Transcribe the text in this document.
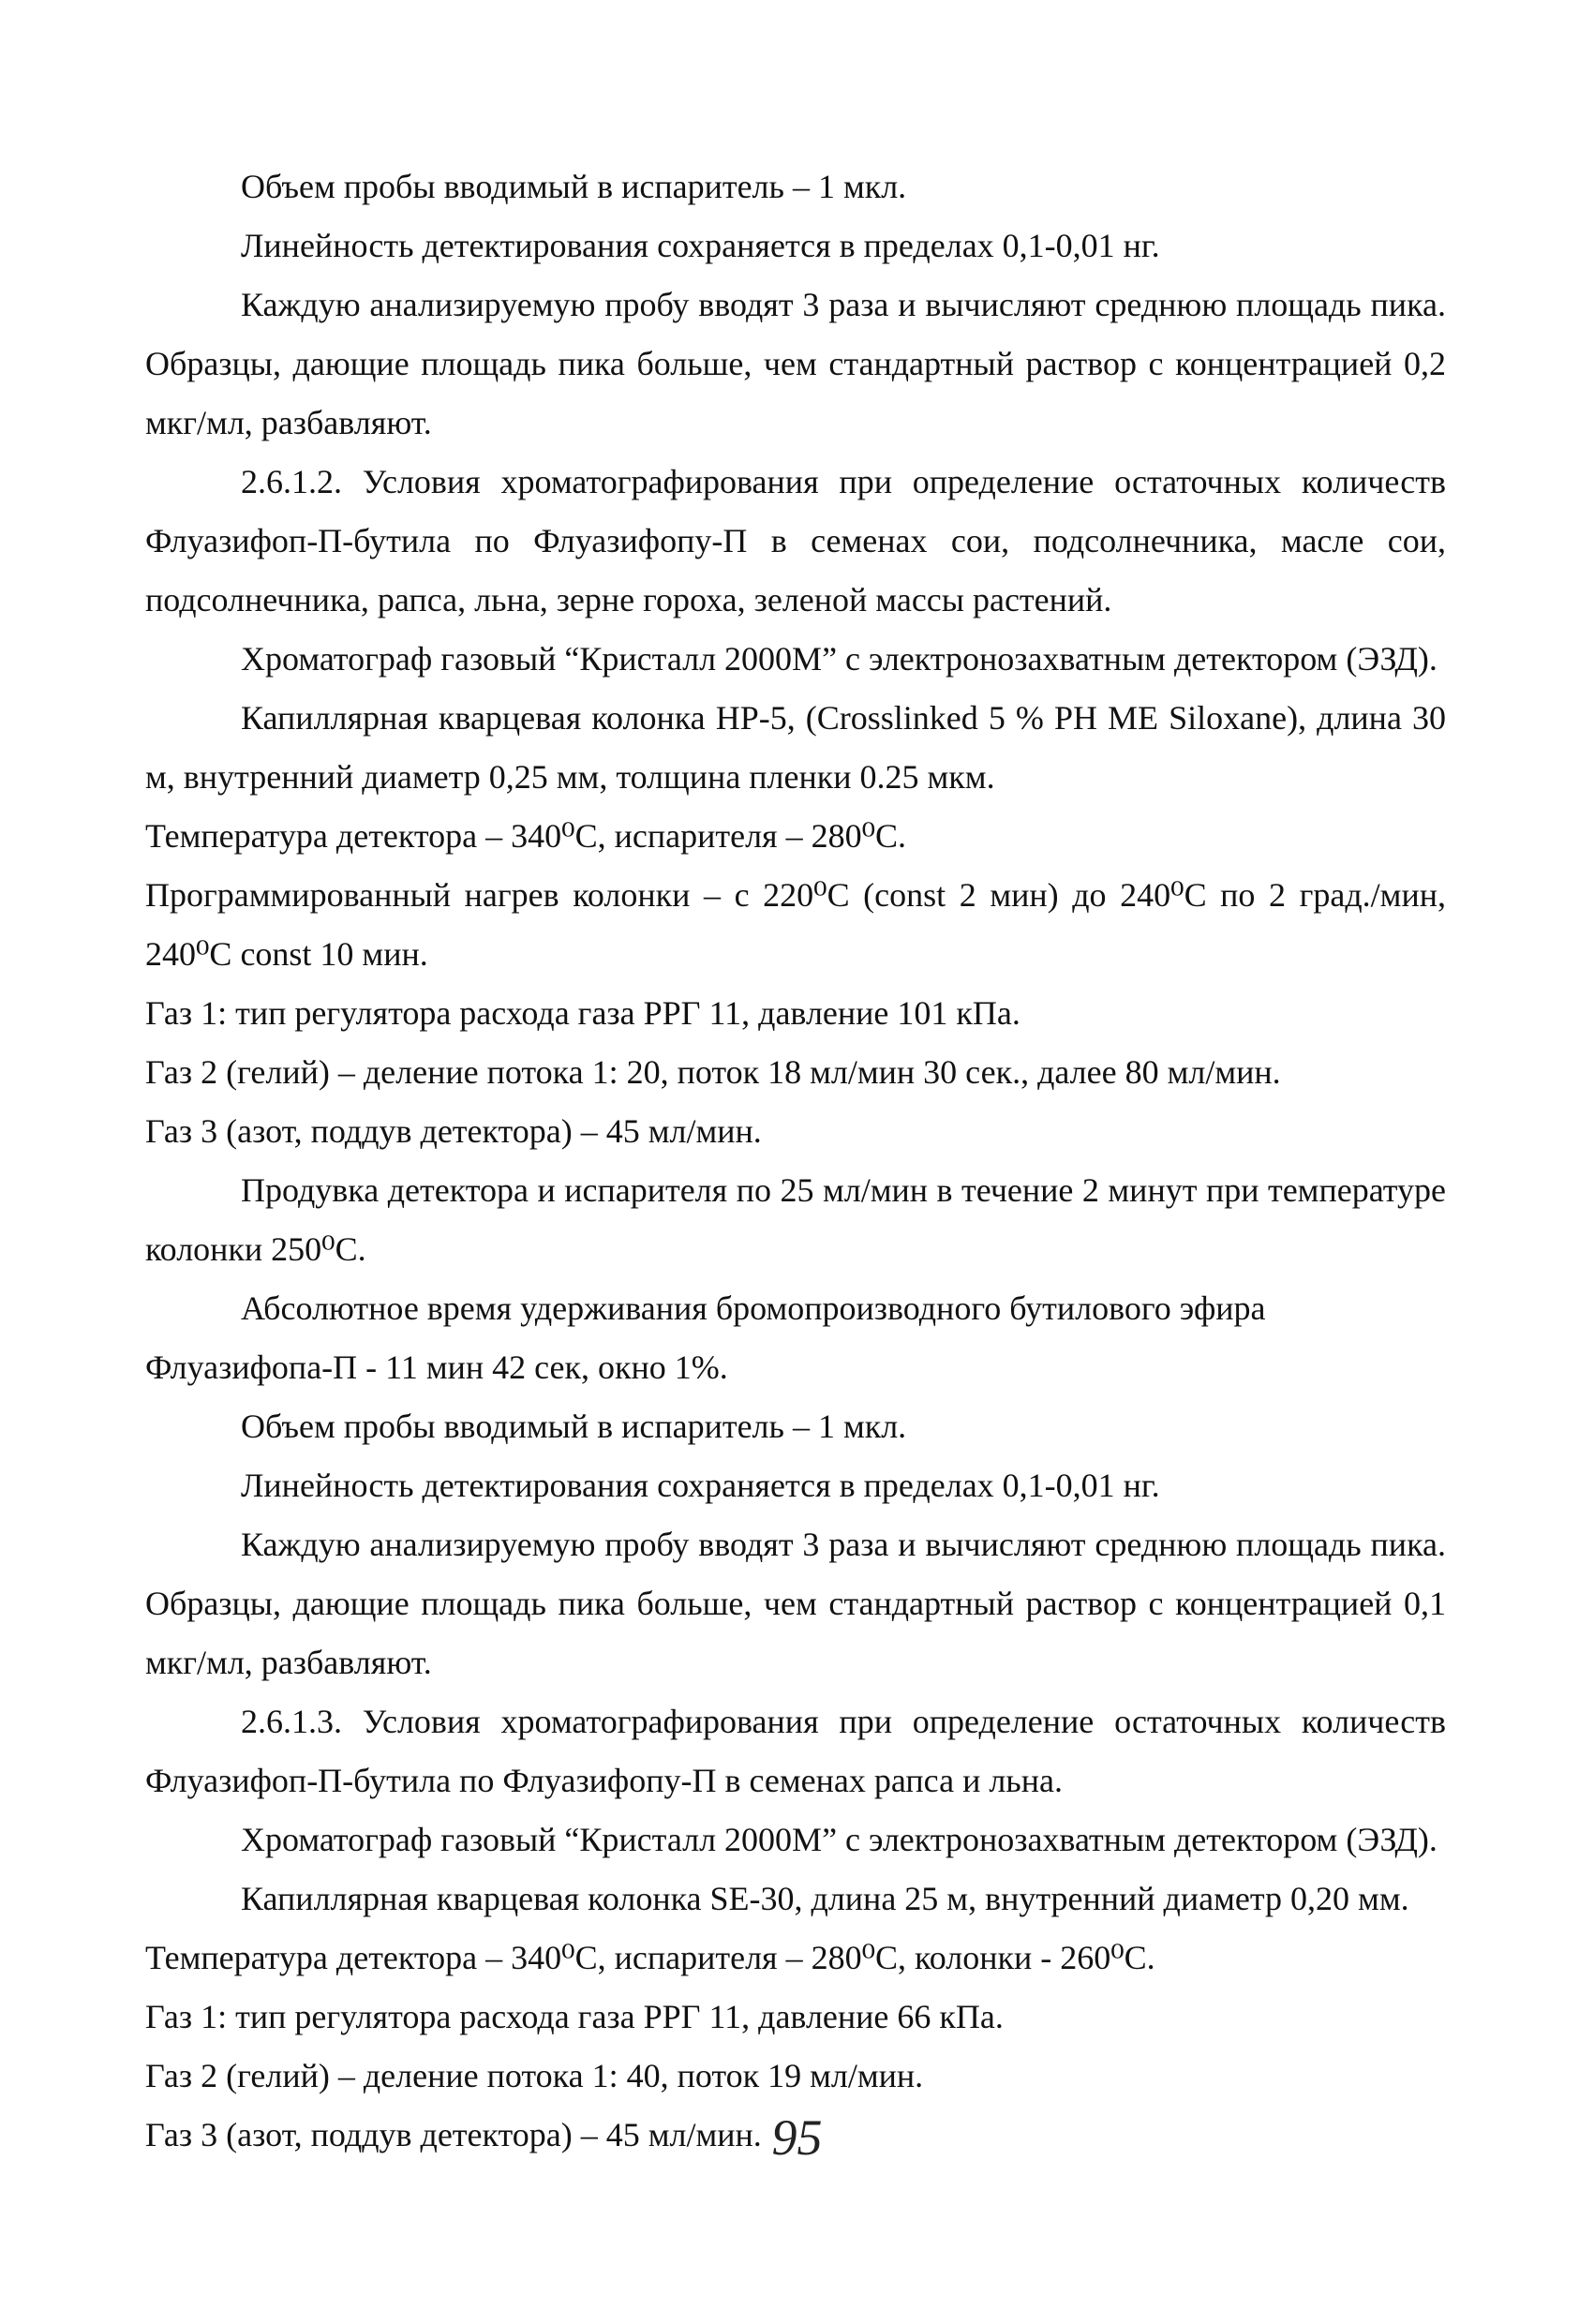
Объем пробы вводимый в испаритель – 1 мкл.

Линейность детектирования сохраняется в пределах 0,1-0,01 нг.

Каждую анализируемую пробу вводят 3 раза и вычисляют среднюю площадь пика. Образцы, дающие площадь пика больше, чем стандартный раствор с концентрацией 0,2 мкг/мл, разбавляют.

2.6.1.2. Условия хроматографирования при определение остаточных количеств Флуазифоп-П-бутила по Флуазифопу-П в семенах сои, подсолнечника, масле сои, подсолнечника, рапса, льна, зерне гороха, зеленой массы растений.

Хроматограф газовый “Кристалл 2000М” с электронозахватным детектором (ЭЗД).

Капиллярная кварцевая колонка HP-5, (Crosslinked 5 % PH ME Siloxane), длина 30 м, внутренний диаметр 0,25 мм, толщина пленки 0.25 мкм.

Температура детектора – 340⁰С, испарителя – 280⁰С.

Программированный нагрев колонки – с 220⁰С (const 2 мин) до 240⁰С по 2 град./мин, 240⁰С const 10 мин.

Газ 1: тип регулятора расхода газа РРГ 11, давление 101 кПа.

Газ 2 (гелий) – деление потока 1: 20, поток 18 мл/мин 30 сек., далее 80 мл/мин.

Газ 3 (азот, поддув детектора) – 45 мл/мин.

Продувка детектора и испарителя по 25 мл/мин в течение 2 минут при температуре колонки 250⁰С.

Абсолютное время удерживания бромопроизводного бутилового эфира

Флуазифопа-П - 11 мин 42 сек, окно 1%.

Объем пробы вводимый в испаритель – 1 мкл.

Линейность детектирования сохраняется в пределах 0,1-0,01 нг.

Каждую анализируемую пробу вводят 3 раза и вычисляют среднюю площадь пика. Образцы, дающие площадь пика больше, чем стандартный раствор с концентрацией 0,1 мкг/мл, разбавляют.

2.6.1.3. Условия хроматографирования при определение остаточных количеств Флуазифоп-П-бутила по Флуазифопу-П в семенах рапса и льна.

Хроматограф газовый “Кристалл 2000М” с электронозахватным детектором (ЭЗД).

Капиллярная кварцевая колонка SE-30, длина 25 м, внутренний диаметр 0,20 мм.

Температура детектора – 340⁰С, испарителя – 280⁰С, колонки - 260⁰С.

Газ 1: тип регулятора расхода газа РРГ 11, давление 66 кПа.

Газ 2 (гелий) – деление потока 1: 40, поток 19 мл/мин.

Газ 3 (азот, поддув детектора) – 45 мл/мин. 95
